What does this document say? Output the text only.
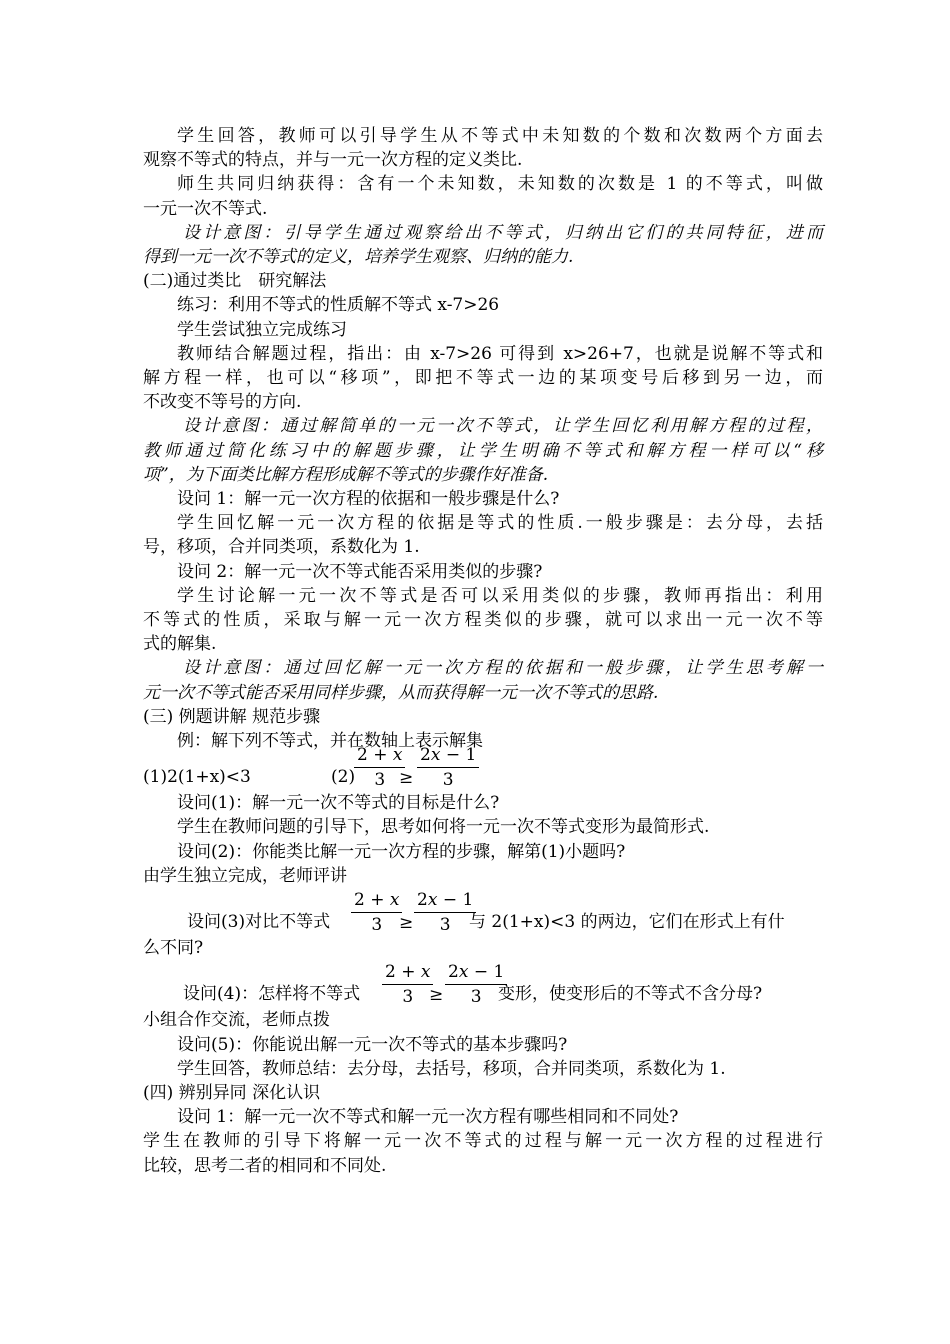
学生回答，教师可以引导学生从不等式中未知数的个数和次数两个方面去

观察不等式的特点，并与一元一次方程的定义类比.

师生共同归纳获得：含有一个未知数，未知数的次数是 1 的不等式，叫做

一元一次不等式.

设计意图：引导学生通过观察给出不等式，归纳出它们的共同特征，进而

得到一元一次不等式的定义，培养学生观察、归纳的能力.

(二)通过类比　研究解法

练习：利用不等式的性质解不等式 x-7>26

学生尝试独立完成练习

教师结合解题过程，指出：由 x-7>26 可得到 x>26+7，也就是说解不等式和

解方程一样，也可以“移项”，即把不等式一边的某项变号后移到另一边，而

不改变不等号的方向.

设计意图：通过解简单的一元一次不等式，让学生回忆利用解方程的过程，

教师通过简化练习中的解题步骤，让学生明确不等式和解方程一样可以“移

项”，为下面类比解方程形成解不等式的步骤作好准备.

设问 1：解一元一次方程的依据和一般步骤是什么?

学生回忆解一元一次方程的依据是等式的性质.一般步骤是：去分母，去括

号，移项，合并同类项，系数化为 1.

设问 2：解一元一次不等式能否采用类似的步骤?

学生讨论解一元一次不等式是否可以采用类似的步骤，教师再指出：利用

不等式的性质，采取与解一元一次方程类似的步骤，就可以求出一元一次不等

式的解集.

设计意图：通过回忆解一元一次方程的依据和一般步骤，让学生思考解一

元一次不等式能否采用同样步骤，从而获得解一元一次不等式的思路.

(三) 例题讲解 规范步骤

例：解下列不等式，并在数轴上表示解集

(1)2(1+x)<3	(2)
$\frac{2 + x}{3}$
≥ $\frac{2x - 1}{3}$

设问(1)：解一元一次不等式的目标是什么?

学生在教师问题的引导下，思考如何将一元一次不等式变形为最简形式.

设问(2)：你能类比解一元一次方程的步骤，解第(1)小题吗?

由学生独立完成，老师评讲

设问(3)对比不等式 $\frac{2 + x}{3}$
≥ $\frac{2x - 1}{3}$
与 2(1+x)<3 的两边，它们在形式上有什

么不同?

设问(4)：怎样将不等式 $\frac{2 + x}{3}$
≥ $\frac{2x - 1}{3}$
变形，使变形后的不等式不含分母?

小组合作交流，老师点拨

设问(5)：你能说出解一元一次不等式的基本步骤吗?

学生回答，教师总结：去分母，去括号，移项，合并同类项，系数化为 1.

(四) 辨别异同 深化认识

设问 1：解一元一次不等式和解一元一次方程有哪些相同和不同处?

学生在教师的引导下将解一元一次不等式的过程与解一元一次方程的过程进行

比较，思考二者的相同和不同处.
